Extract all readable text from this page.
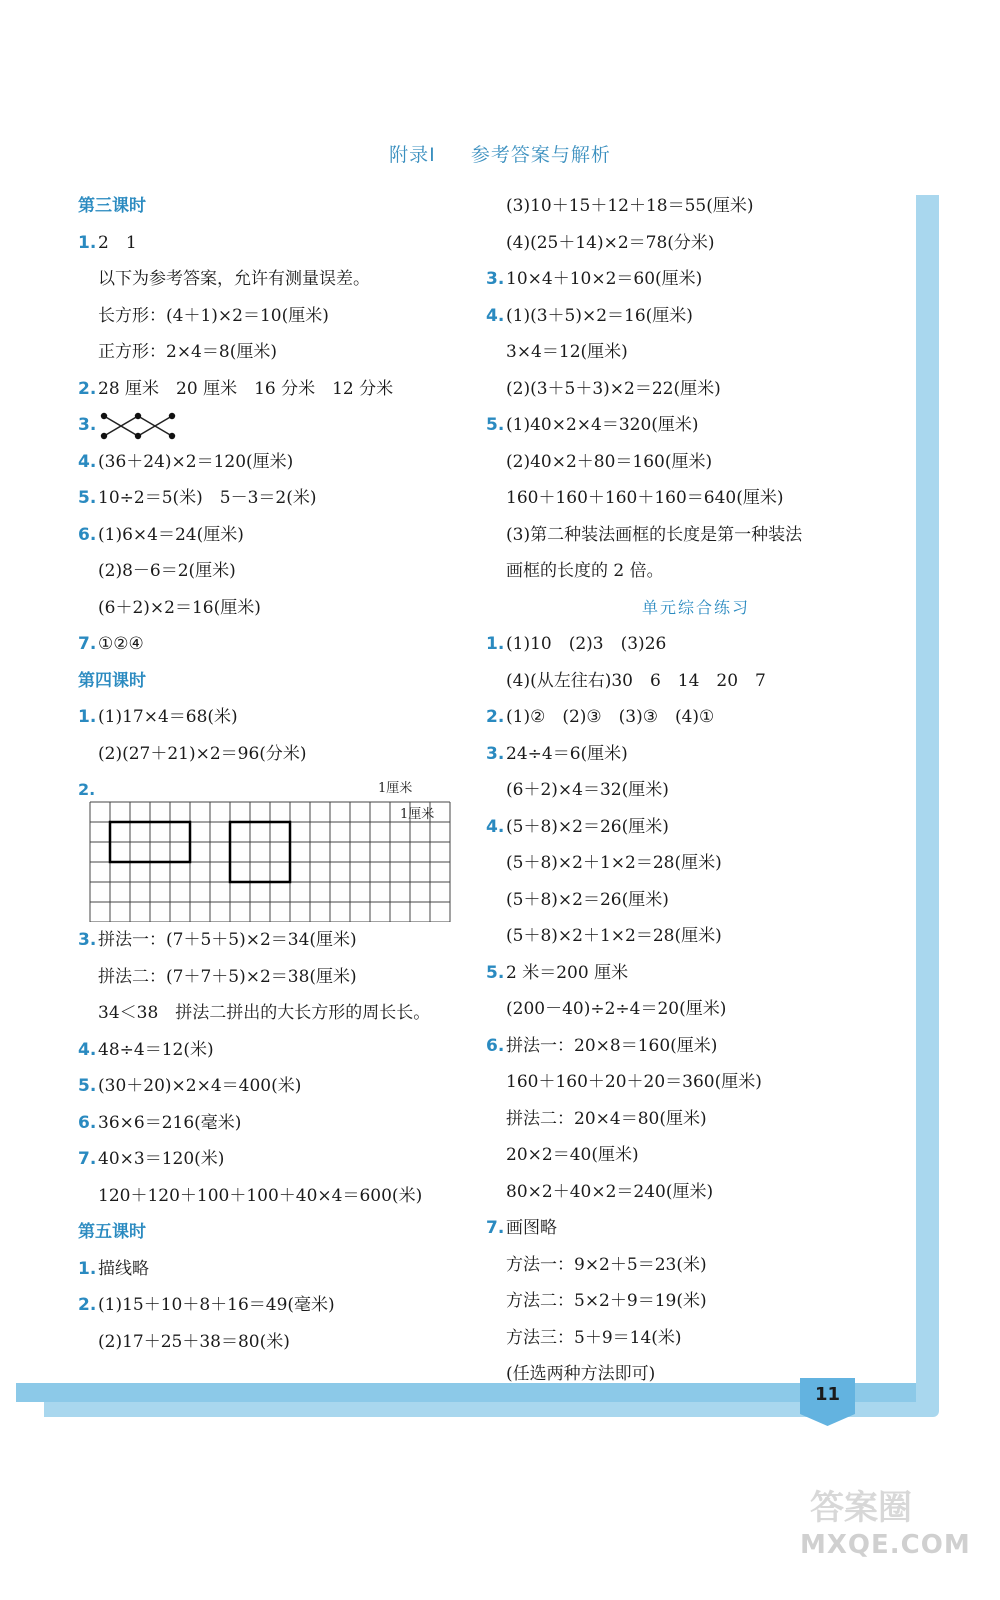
附录Ⅰ 参考答案与解析
第三课时
1. 2　1
以下为参考答案，允许有测量误差。
长方形：(4＋1)×2＝10(厘米)
正方形：2×4＝8(厘米)
2. 28 厘米　20 厘米　16 分米　12 分米
3.
4. (36＋24)×2＝120(厘米)
5. 10÷2＝5(米)　5－3＝2(米)
6. (1)6×4＝24(厘米)
(2)8－6＝2(厘米)
(6＋2)×2＝16(厘米)
7. ①②④
第四课时
1. (1)17×4＝68(米)
(2)(27＋21)×2＝96(分米)
2.	1厘米
1厘米
3. 拼法一：(7＋5＋5)×2＝34(厘米)
拼法二：(7＋7＋5)×2＝38(厘米)
34＜38　拼法二拼出的大长方形的周长长。
4. 48÷4＝12(米)
5. (30＋20)×2×4＝400(米)
6. 36×6＝216(毫米)
7. 40×3＝120(米)
120＋120＋100＋100＋40×4＝600(米)
第五课时
1. 描线略
2. (1)15＋10＋8＋16＝49(毫米)
(2)17＋25＋38＝80(米)
(3)10＋15＋12＋18＝55(厘米)
(4)(25＋14)×2＝78(分米)
3. 10×4＋10×2＝60(厘米)
4. (1)(3＋5)×2＝16(厘米)
3×4＝12(厘米)
(2)(3＋5＋3)×2＝22(厘米)
5. (1)40×2×4＝320(厘米)
(2)40×2＋80＝160(厘米)
160＋160＋160＋160＝640(厘米)
(3)第二种装法画框的长度是第一种装法
画框的长度的 2 倍。
单元综合练习
1. (1)10　(2)3　(3)26
(4)(从左往右)30　6　14　20　7
2. (1)②　(2)③　(3)③　(4)①
3. 24÷4＝6(厘米)
(6＋2)×4＝32(厘米)
4. (5＋8)×2＝26(厘米)
(5＋8)×2＋1×2＝28(厘米)
(5＋8)×2＝26(厘米)
(5＋8)×2＋1×2＝28(厘米)
5. 2 米＝200 厘米
(200－40)÷2÷4＝20(厘米)
6. 拼法一：20×8＝160(厘米)
160＋160＋20＋20＝360(厘米)
拼法二：20×4＝80(厘米)
20×2＝40(厘米)
80×2＋40×2＝240(厘米)
7. 画图略
方法一：9×2＋5＝23(米)
方法二：5×2＋9＝19(米)
方法三：5＋9＝14(米)
(任选两种方法即可)
11
答案圈
MXQE.COM
